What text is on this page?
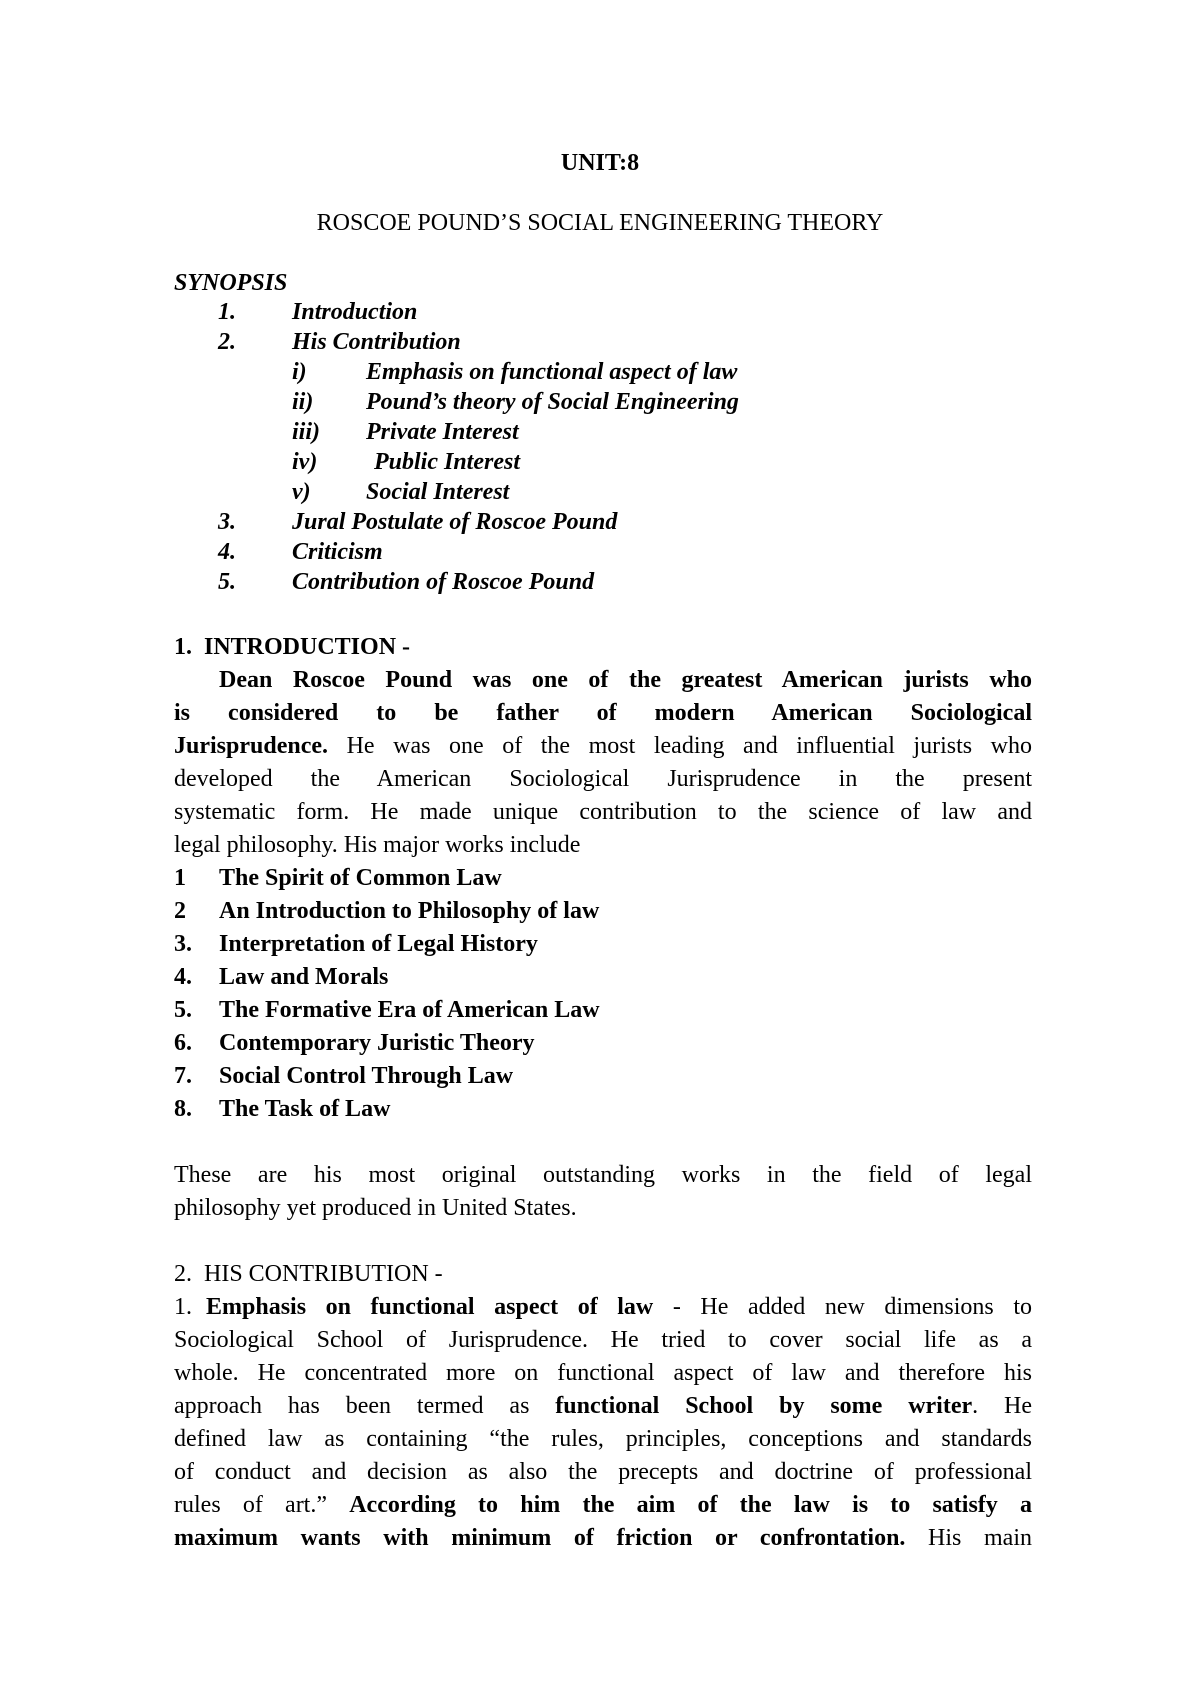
UNIT:8
ROSCOE POUND’S SOCIAL ENGINEERING THEORY
SYNOPSIS
1. Introduction
2. His Contribution
i) Emphasis on functional aspect of law
ii) Pound’s theory of Social Engineering
iii) Private Interest
iv) Public Interest
v) Social Interest
3. Jural Postulate of Roscoe Pound
4. Criticism
5. Contribution of Roscoe Pound
1.  INTRODUCTION -
Dean Roscoe Pound was one of the greatest American jurists who
is considered to be father of modern American Sociological
Jurisprudence. He was one of the most leading and influential jurists who
developed the American Sociological Jurisprudence in the present
systematic form. He made unique contribution to the science of law and
legal philosophy. His major works include
1 The Spirit of Common Law
2 An Introduction to Philosophy of law
3. Interpretation of Legal History
4. Law and Morals
5. The Formative Era of American Law
6. Contemporary Juristic Theory
7. Social Control Through Law
8. The Task of Law
These are his most original outstanding works in the field of legal
philosophy yet produced in United States.
2.  HIS CONTRIBUTION -
1. Emphasis on functional aspect of law - He added new dimensions to
Sociological School of Jurisprudence. He tried to cover social life as a
whole. He concentrated more on functional aspect of law and therefore his
approach has been termed as functional School by some writer. He
defined law as containing “the rules, principles, conceptions and standards
of conduct and decision as also the precepts and doctrine of professional
rules of art.” According to him the aim of the law is to satisfy a
maximum wants with minimum of friction or confrontation. His main
